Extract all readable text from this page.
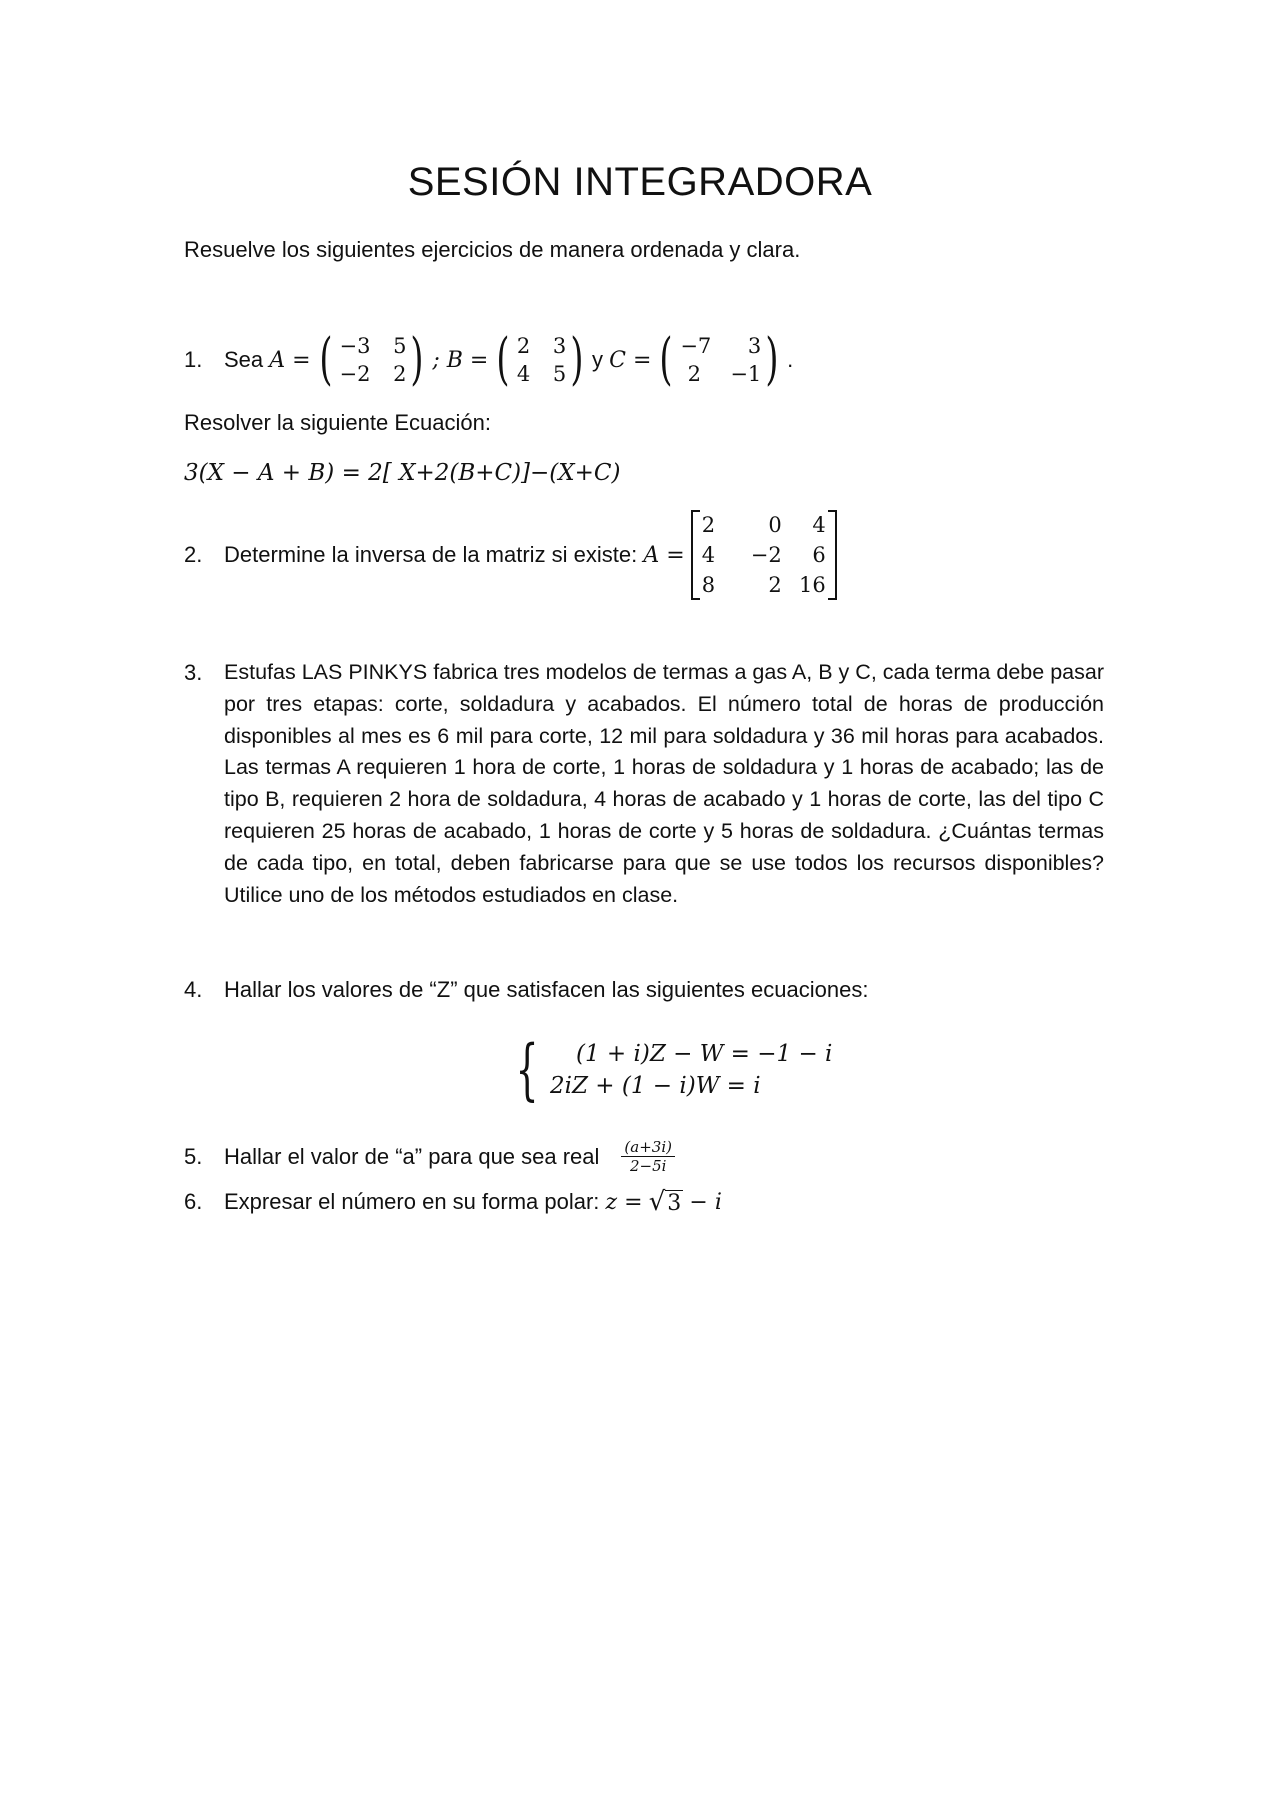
SESIÓN INTEGRADORA
Resuelve los siguientes ejercicios de manera ordenada y clara.
1. Sea
A = ( −3	5
−2	2 ) ; B = ( 2	3
4	5 ) y
C = ( −7	3
2	−1 ) .
Resolver la siguiente Ecuación:
3(X − A + B) = 2[ X+2(B+C)]−(X+C)
2. Determine la inversa de la matriz si existe:
A =
2	0	4
4	−2	6
8	2 16
3.	Estufas LAS PINKYS fabrica tres modelos de termas a gas A, B y C, cada terma debe pasar por tres etapas: corte, soldadura y acabados. El número total de horas de producción disponibles al mes es 6 mil para corte, 12 mil para soldadura y 36 mil horas para acabados. Las termas A requieren 1 hora de corte, 1 horas de soldadura y 1 horas de acabado; las de tipo B, requieren 2 hora de soldadura, 4 horas de acabado y 1 horas de corte, las del tipo C requieren 25 horas de acabado, 1 horas de corte y 5 horas de soldadura. ¿Cuántas termas de cada tipo, en total, deben fabricarse para que se use todos los recursos disponibles? Utilice uno de los métodos estudiados en clase.
4. Hallar los valores de “Z” que satisfacen las siguientes ecuaciones:
{	(1 + i)Z − W = −1 − i
2iZ + (1 − i)W = i
5. Hallar el valor de “a” para que sea real $\frac{(a+3i)}{2-5i}$
6. Expresar el número en su forma polar:
z =
√ 3
− i
